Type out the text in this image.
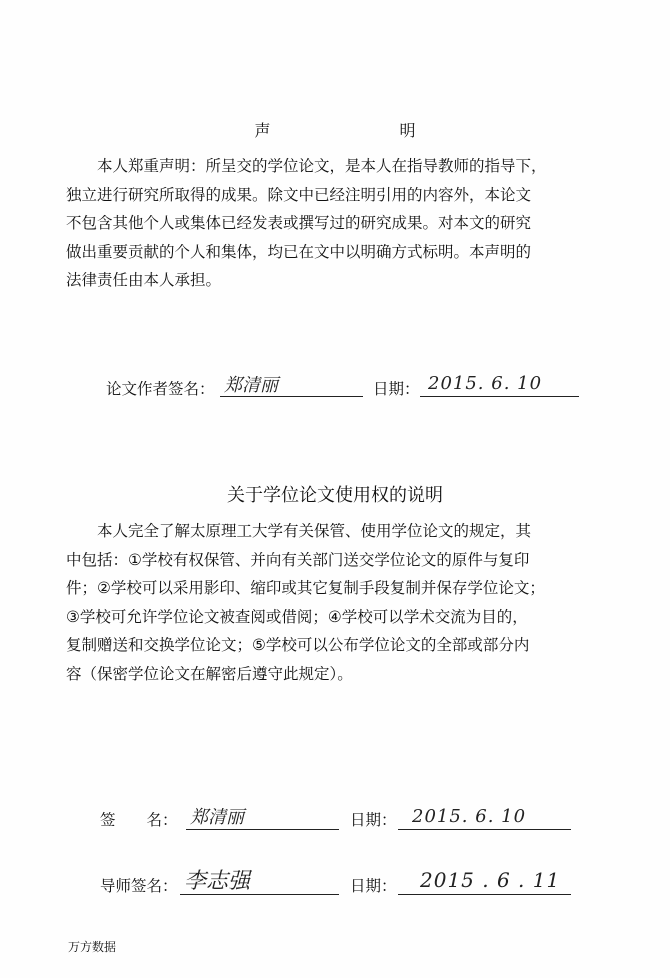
声 明
本人郑重声明：所呈交的学位论文，是本人在指导教师的指导下，
独立进行研究所取得的成果。除文中已经注明引用的内容外，本论文
不包含其他个人或集体已经发表或撰写过的研究成果。对本文的研究
做出重要贡献的个人和集体，均已在文中以明确方式标明。本声明的
法律责任由本人承担。
论文作者签名： 郑清丽	日期： 2015. 6. 10
关于学位论文使用权的说明
本人完全了解太原理工大学有关保管、使用学位论文的规定，其
中包括：①学校有权保管、并向有关部门送交学位论文的原件与复印
件；②学校可以采用影印、缩印或其它复制手段复制并保存学位论文；
③学校可允许学位论文被查阅或借阅；④学校可以学术交流为目的，
复制赠送和交换学位论文；⑤学校可以公布学位论文的全部或部分内
容（保密学位论文在解密后遵守此规定）。
签　　名： 郑清丽	日期： 2015. 6. 10
导师签名： 李志强	日期： 2015 . 6 . 11
万方数据
